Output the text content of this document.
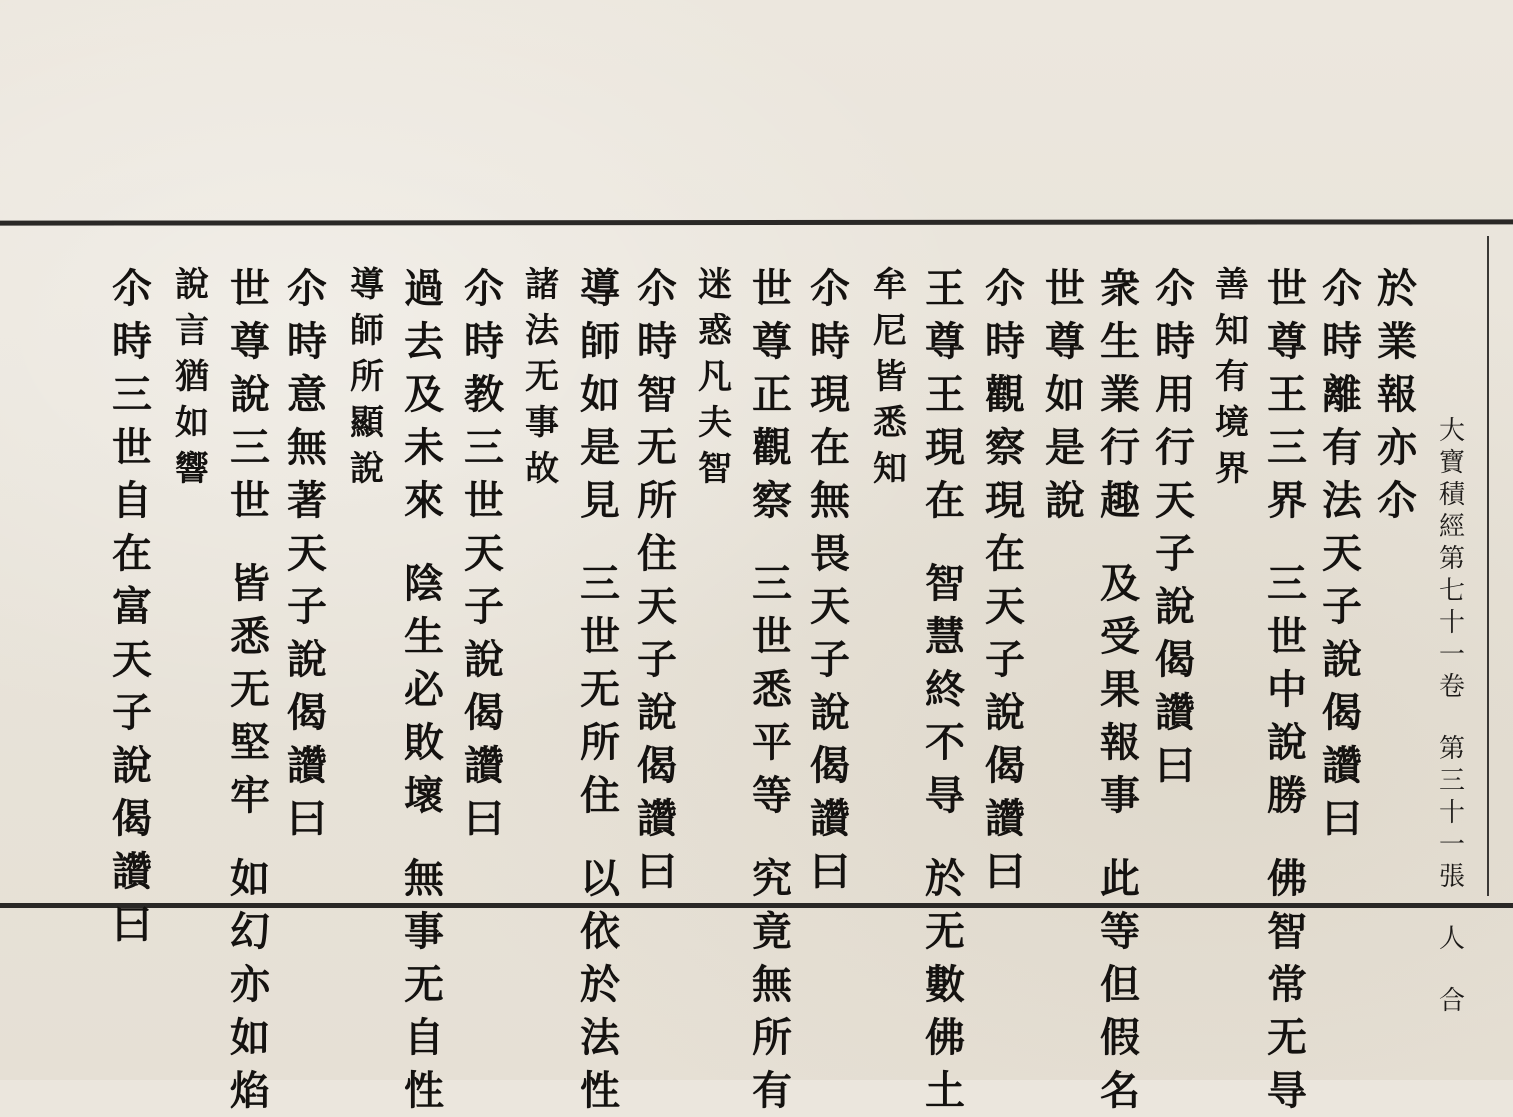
大
寶
積
經
第
七
十
一
卷
第
三
十
一
張
人
合
於
業
報
亦
尒
尒
時
離
有
法
天
子
說
偈
讚
曰
世
尊
王
三
界
三
世
中
說
勝
佛
智
常
无
㝵
善
知
有
境
界
尒
時
用
行
天
子
說
偈
讚
曰
衆
生
業
行
趣
及
受
果
報
事
此
等
但
假
名
世
尊
如
是
說
尒
時
觀
察
現
在
天
子
說
偈
讚
曰
王
尊
王
現
在
智
慧
終
不
㝵
於
无
數
佛
土
牟
尼
皆
悉
知
尒
時
現
在
無
畏
天
子
說
偈
讚
曰
世
尊
正
觀
察
三
世
悉
平
等
究
竟
無
所
有
迷
惑
凡
夫
智
尒
時
智
无
所
住
天
子
說
偈
讚
曰
導
師
如
是
見
三
世
无
所
住
以
依
於
法
性
諸
法
无
事
故
尒
時
教
三
世
天
子
說
偈
讚
曰
過
去
及
未
來
陰
生
必
敗
壞
無
事
无
自
性
導
師
所
顯
說
尒
時
意
無
著
天
子
說
偈
讚
曰
世
尊
說
三
世
皆
悉
无
堅
牢
如
幻
亦
如
焰
說
言
猶
如
響
尒
時
三
世
自
在
富
天
子
說
偈
讚
曰
